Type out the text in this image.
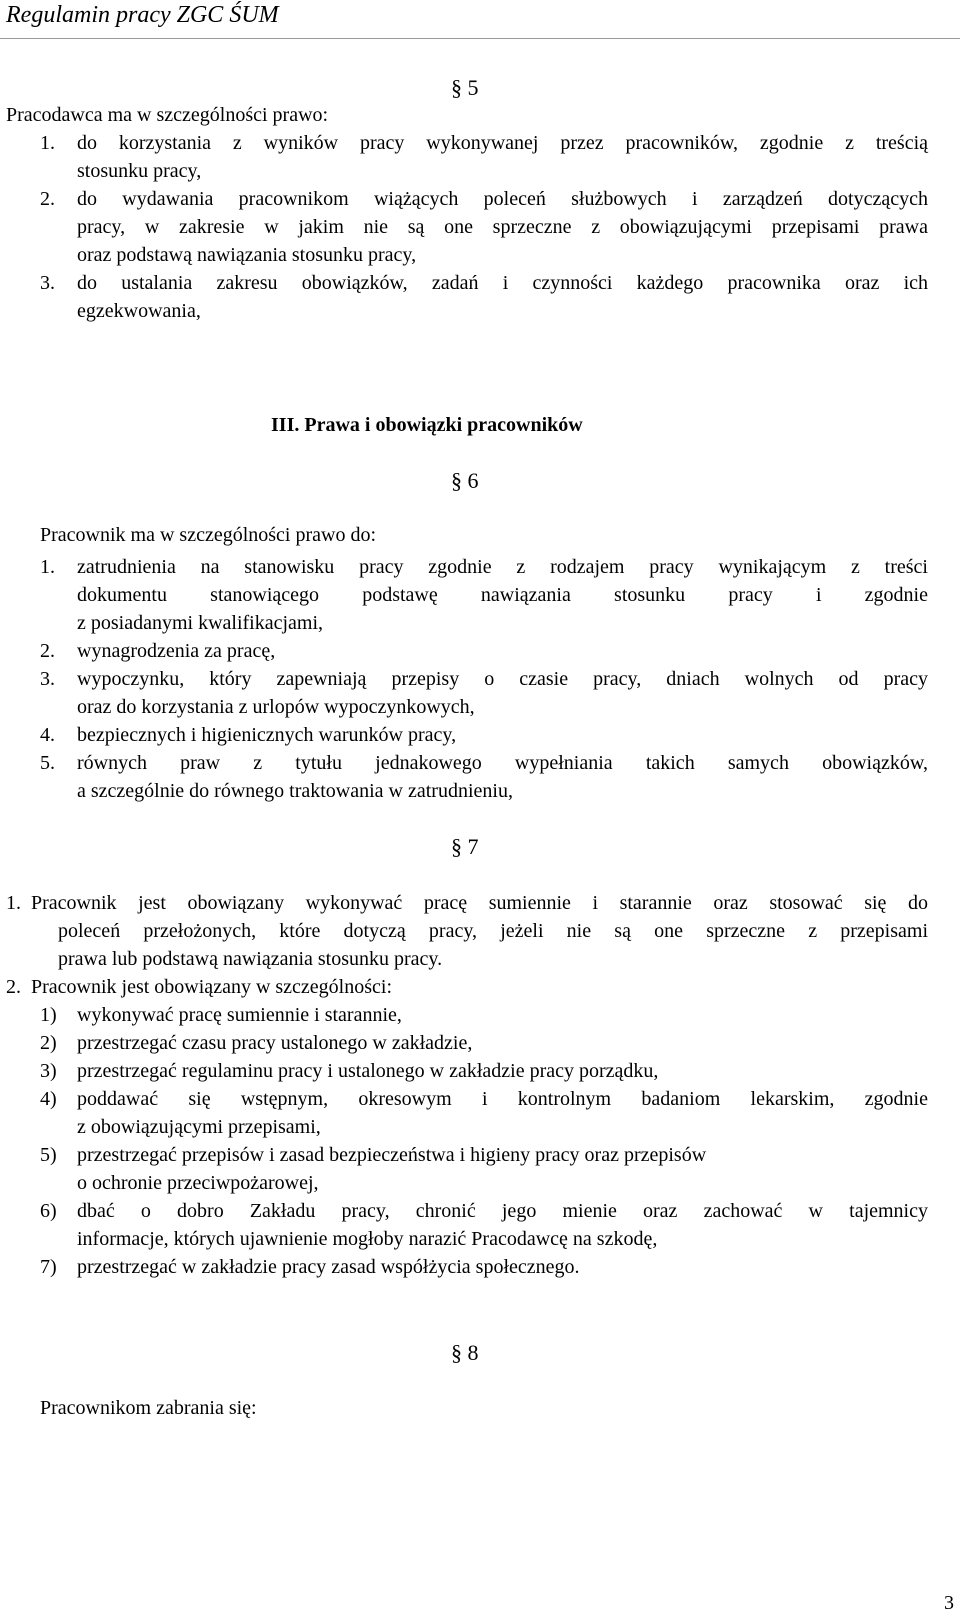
Regulamin pracy ZGC ŚUM
§ 5
Pracodawca ma w szczególności prawo:
1. do korzystania z wyników pracy wykonywanej przez pracowników, zgodnie z treścią
stosunku pracy,
2. do wydawania pracownikom wiążących poleceń służbowych i zarządzeń dotyczących
pracy, w zakresie w jakim nie są one sprzeczne z obowiązującymi przepisami prawa
oraz podstawą nawiązania stosunku pracy,
3. do ustalania zakresu obowiązków, zadań i czynności każdego pracownika oraz ich
egzekwowania,
III. Prawa i obowiązki pracowników
§ 6
Pracownik ma w szczególności prawo do:
1. zatrudnienia na stanowisku pracy zgodnie z rodzajem pracy wynikającym z treści
dokumentu stanowiącego podstawę nawiązania stosunku pracy i zgodnie
z posiadanymi kwalifikacjami,
2. wynagrodzenia za pracę,
3. wypoczynku, który zapewniają przepisy o czasie pracy, dniach wolnych od pracy
oraz do korzystania z urlopów wypoczynkowych,
4. bezpiecznych i higienicznych warunków pracy,
5. równych praw z tytułu jednakowego wypełniania takich samych obowiązków,
a szczególnie do równego traktowania w zatrudnieniu,
§ 7
1. Pracownik jest obowiązany wykonywać pracę sumiennie i starannie oraz stosować się do
poleceń przełożonych, które dotyczą pracy, jeżeli nie są one sprzeczne z przepisami
prawa lub podstawą nawiązania stosunku pracy.
2. Pracownik jest obowiązany w szczególności:
1) wykonywać pracę sumiennie i starannie,
2) przestrzegać czasu pracy ustalonego w zakładzie,
3) przestrzegać regulaminu pracy i ustalonego w zakładzie pracy porządku,
4) poddawać się wstępnym, okresowym i kontrolnym badaniom lekarskim, zgodnie
z obowiązującymi przepisami,
5) przestrzegać przepisów i zasad bezpieczeństwa i higieny pracy oraz przepisów
o ochronie przeciwpożarowej,
6) dbać o dobro Zakładu pracy, chronić jego mienie oraz zachować w tajemnicy
informacje, których ujawnienie mogłoby narazić Pracodawcę na szkodę,
7) przestrzegać w zakładzie pracy zasad współżycia społecznego.
§ 8
Pracownikom zabrania się:
3
